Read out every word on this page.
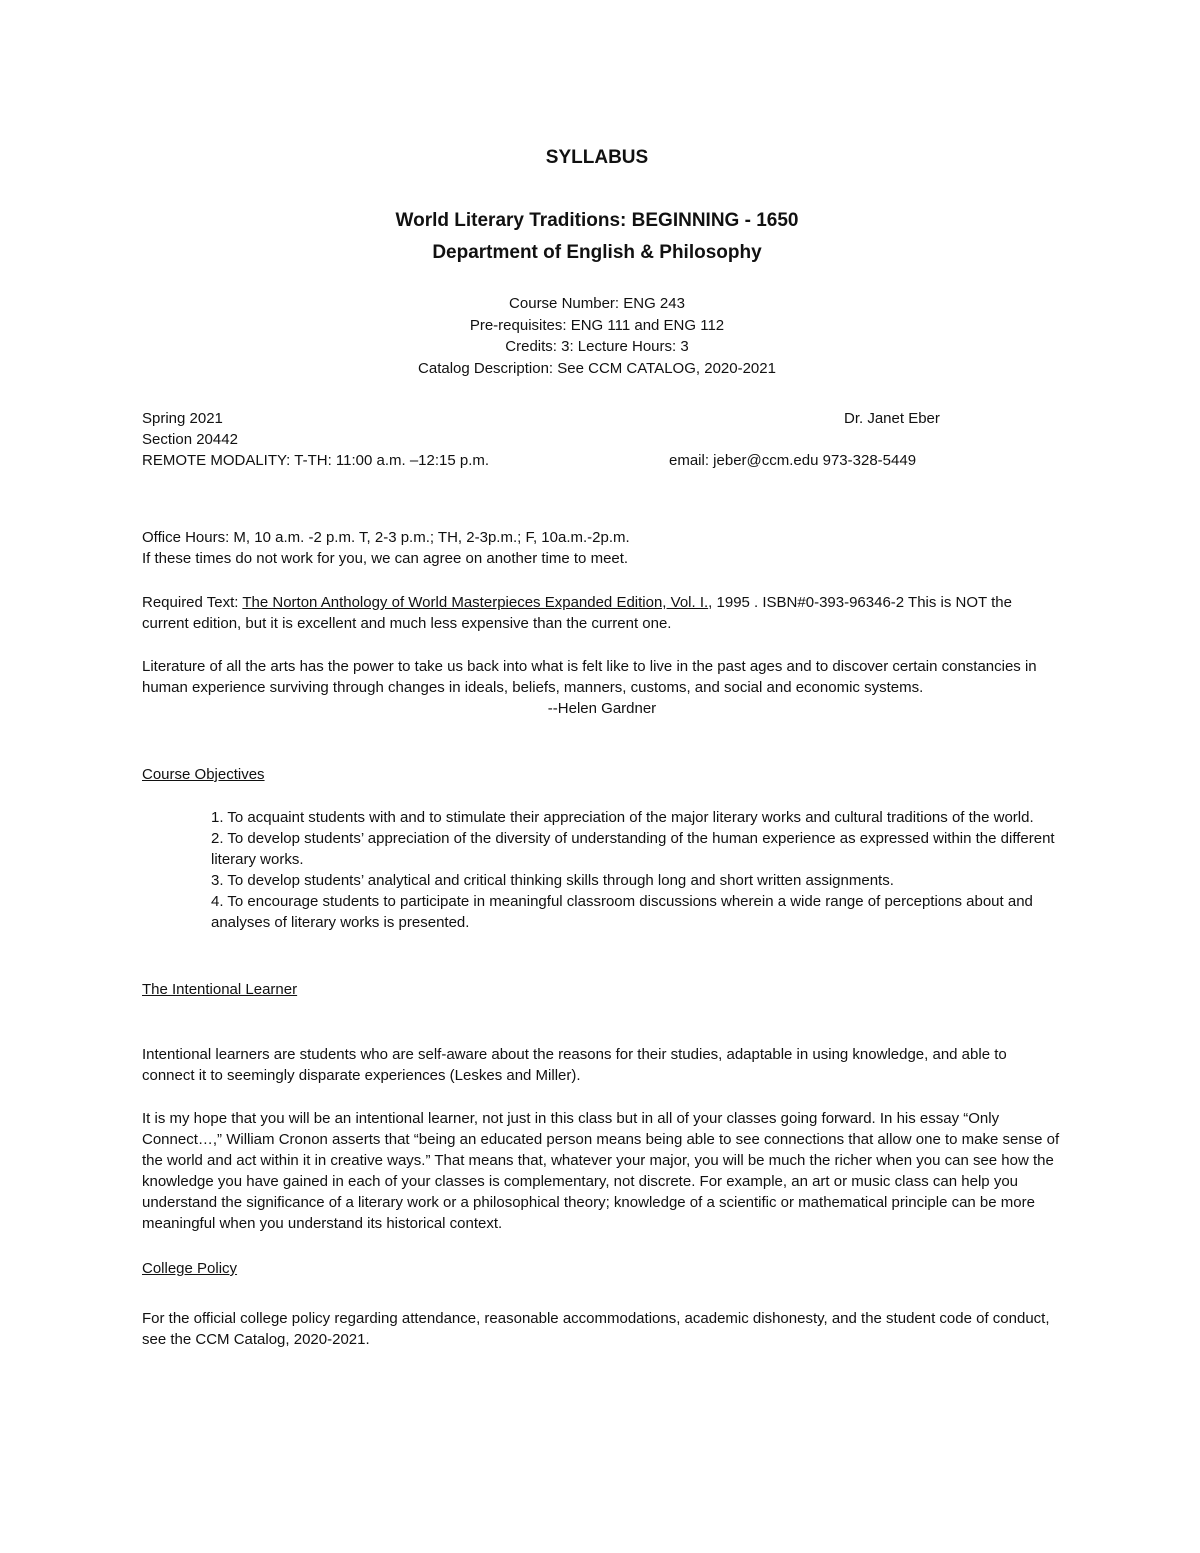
SYLLABUS
World Literary Traditions: BEGINNING - 1650
Department of English & Philosophy
Course Number: ENG 243
Pre-requisites: ENG 111 and ENG 112
Credits: 3: Lecture Hours: 3
Catalog Description: See CCM CATALOG, 2020-2021
Spring 2021	Dr. Janet Eber
Section 20442
REMOTE MODALITY: T-TH: 11:00 a.m. –12:15 p.m.	email: jeber@ccm.edu 973-328-5449

Office Hours: M, 10 a.m. -2 p.m. T, 2-3 p.m.; TH, 2-3p.m.; F, 10a.m.-2p.m.

If these times do not work for you, we can agree on another time to meet.

Required Text: The Norton Anthology of World Masterpieces Expanded Edition, Vol. I., 1995 . ISBN#0-393-96346-2 This is NOT the current edition, but it is excellent and much less expensive than the current one.

Literature of all the arts has the power to take us back into what is felt like to live in the past ages and to discover certain constancies in human experience surviving through changes in ideals, beliefs, manners, customs, and social and economic systems.

--Helen Gardner

Course Objectives

1. To acquaint students with and to stimulate their appreciation of the major literary works and cultural traditions of the world.

2. To develop students’ appreciation of the diversity of understanding of the human experience as expressed within the different literary works.

3. To develop students’ analytical and critical thinking skills through long and short written assignments.

4. To encourage students to participate in meaningful classroom discussions wherein a wide range of perceptions about and analyses of literary works is presented.

The Intentional Learner
Intentional learners are students who are self-aware about the reasons for their studies, adaptable in using knowledge, and able to connect it to seemingly disparate experiences (Leskes and Miller).
It is my hope that you will be an intentional learner, not just in this class but in all of your classes going forward. In his essay “Only Connect…,” William Cronon asserts that “being an educated person means being able to see connections that allow one to make sense of the world and act within it in creative ways.” That means that, whatever your major, you will be much the richer when you can see how the knowledge you have gained in each of your classes is complementary, not discrete. For example, an art or music class can help you understand the significance of a literary work or a philosophical theory; knowledge of a scientific or mathematical principle can be more meaningful when you understand its historical context.
College Policy
For the official college policy regarding attendance, reasonable accommodations, academic dishonesty, and the student code of conduct, see the CCM Catalog, 2020-2021.
